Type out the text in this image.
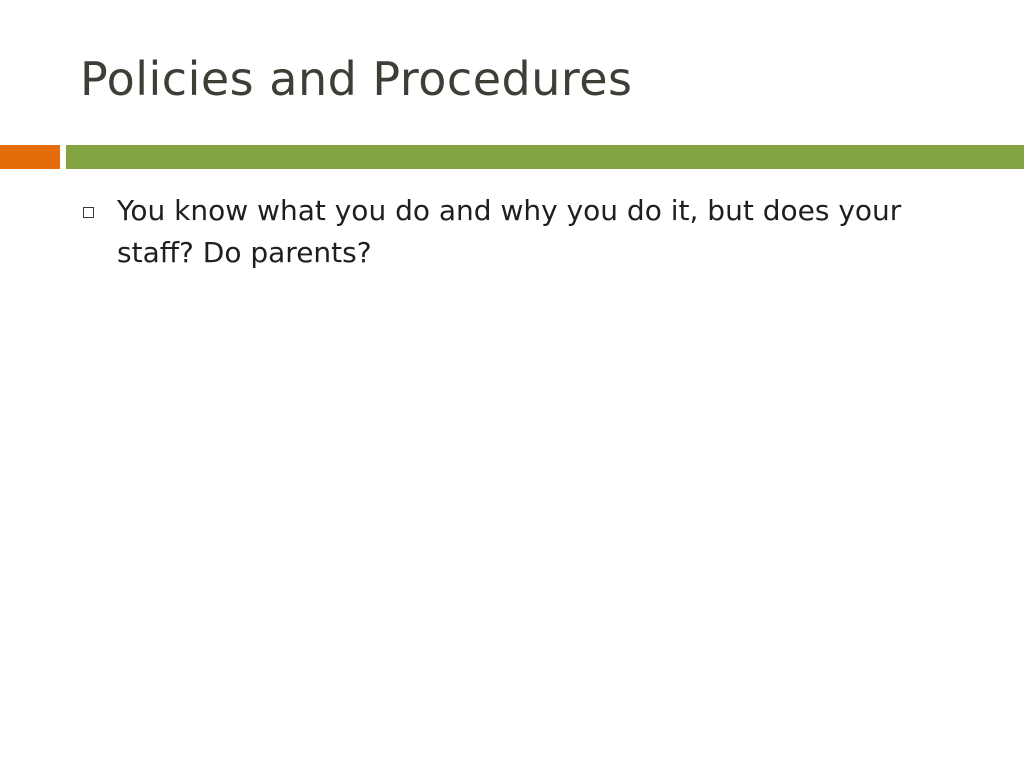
Policies and Procedures
You know what you do and why you do it, but does your staff? Do parents?
